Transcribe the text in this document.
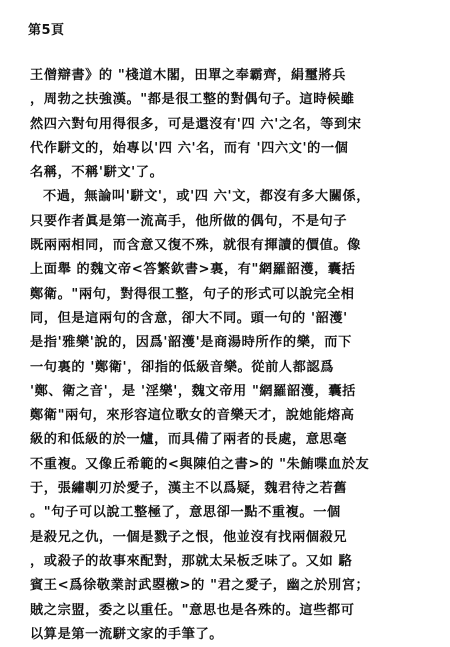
第5頁
王僧辯書》的 "棧道木閣，田單之奉霸齊，絹璽將兵
，周勃之扶強漢。"都是很工整的對偶句子。這時候雖
然四六對句用得很多，可是還沒有'四 六'之名，等到宋
代作駢文的，始專以'四 六'名，而有 '四六文'的一個
名稱，不稱'駢文'了。
不過，無論叫'駢文'，或'四 六'文，都沒有多大關係，
只要作者眞是第一流高手，他所做的偶句，不是句子
既兩兩相同，而含意又復不殊，就很有揮讀的價值。像
上面舉 的魏文帝<答繁欽書>裏，有"網羅韶濩，囊括
鄭衛。"兩句，對得很工整，句子的形式可以說完全相
同，但是這兩句的含意，卻大不同。頭一句的 '韶濩'
是指'雅樂'說的，因爲'韶濩'是商湯時所作的樂，而下
一句裏的 '鄭衛'，卻指的低級音樂。從前人都認爲
'鄭、衛之音'，是 '淫樂'，魏文帝用 "網羅韶濩，囊括
鄭衛"兩句，來形容這位歌女的音樂天才，說她能熔高
級的和低級的於一爐，而具備了兩者的長處，意思毫
不重複。又像丘希範的<與陳伯之書>的 "朱鮪喋血於友
于，張繡剸刃於愛子，漢主不以爲疑，魏君待之若舊
。"句子可以說工整極了，意思卻一點不重複。一個
是殺兄之仇，一個是戮子之恨，他並沒有找兩個殺兄
，或殺子的故事來配對，那就太呆板乏味了。又如 駱
賓王<爲徐敬業討武曌檄>的 "君之愛子，幽之於別宮；
賊之宗盟，委之以重任。"意思也是各殊的。這些都可
以算是第一流駢文家的手筆了。
